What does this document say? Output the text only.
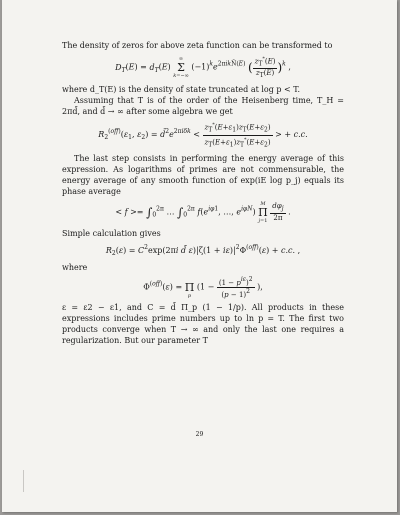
The density of zeros for above zeta function can be transformed to

$D_T(E) = d_T(E)$ ∞
Σ
k=−∞ $(-1)^ke^{2\pi ikÑ(E)}$ ( $\frac{zT^*(E)}{zT(E)} )^k$ ,

where d_T(E) is the density of state truncated at log p < T.

Assuming that T is of the order of the Heisenberg time, T_H = 2πd̄, and d̄ → ∞ after some algebra we get

$R_2^{(off)}(\varepsilon_1$, $\varepsilon_2$) = $d̄^2e^{2\pi i\delta k} < \frac{zT^*(E+\varepsilon 1)zT(E+\varepsilon 2)}{zT(E+\varepsilon 1)zT^*(E+\varepsilon 2)}$ > + c.c.

The last step consists in performing the energy average of this expression. As logarithms of primes are not commensurable, the energy average of any smooth function of exp(iE log p_j) equals its phase average

< $f >= \int_0^{2\pi}$ … $\int_0^{2\pi}$ $f(e^{i\varphi 1}$, …, $e^{i\varphi N}$) M
Π
$j=1 \frac{\text{dφj}}{2\pi}$ .

Simple calculation gives

$R_2(\varepsilon) = C^2\exp(2\pi i$ d̄ $\varepsilon)|\zeta(1 + i\varepsilon)|^2\Phi^{(off)}(\varepsilon) + c.c$. ,

where

$\Phi^{(off)}(\varepsilon) = \Pi$
p ($1 - \frac{\text{(1 − piε)2}}{(p - 1)2}$ ),

ε = ε2 − ε1, and C = d̄ Π_p (1 − 1/p). All products in these expressions includes prime numbers up to ln p = T. The first two products converge when T → ∞ and only the last one requires a regularization. But our parameter T

29
